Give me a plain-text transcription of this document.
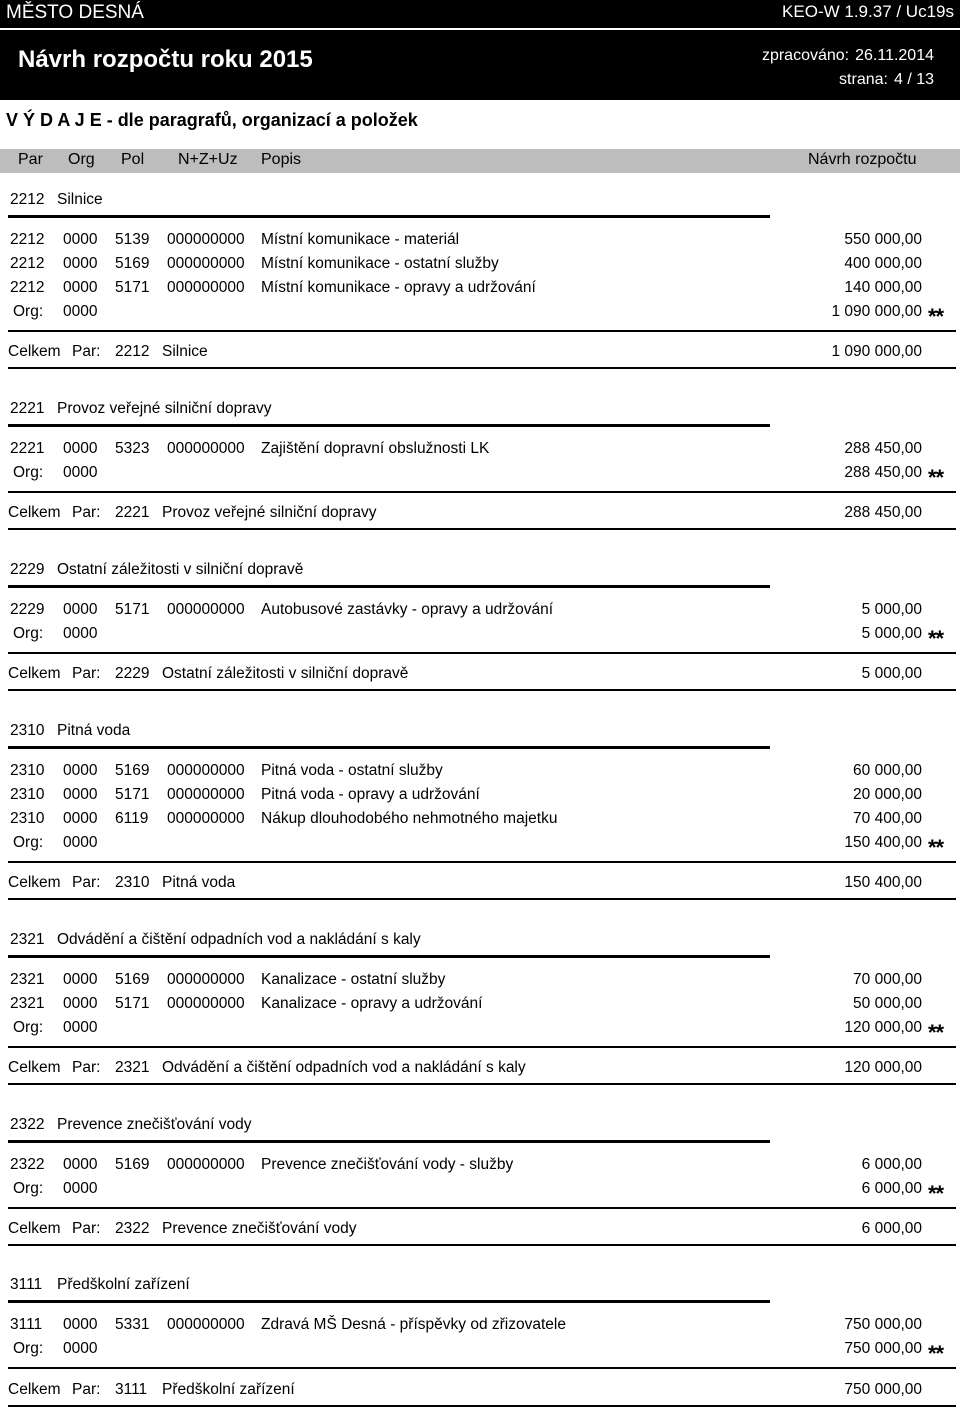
MĚSTO DESNÁ	KEO-W 1.9.37 / Uc19s
Návrh rozpočtu roku 2015	zpracováno: 26.11.2014
strana: 4 / 13
V Ý D A J E - dle paragrafů, organizací a položek
Par Org Pol N+Z+Uz Popis	Návrh rozpočtu
2212 Silnice
2212 0000 5139 000000000 Místní komunikace - materiál	550 000,00
2212 0000 5169 000000000 Místní komunikace - ostatní služby	400 000,00
2212 0000 5171 000000000 Místní komunikace - opravy a udržování	140 000,00
Org: 0000	1 090 000,00 **
Celkem Par: 2212 Silnice	1 090 000,00
2221 Provoz veřejné silniční dopravy
2221 0000 5323 000000000 Zajištění dopravní obslužnosti LK	288 450,00
Org: 0000	288 450,00 **
Celkem Par: 2221 Provoz veřejné silniční dopravy	288 450,00
2229 Ostatní záležitosti v silniční dopravě
2229 0000 5171 000000000 Autobusové zastávky - opravy a udržování	5 000,00
Org: 0000	5 000,00 **
Celkem Par: 2229 Ostatní záležitosti v silniční dopravě	5 000,00
2310 Pitná voda
2310 0000 5169 000000000 Pitná voda - ostatní služby	60 000,00
2310 0000 5171 000000000 Pitná voda - opravy a udržování	20 000,00
2310 0000 6119 000000000 Nákup dlouhodobého nehmotného majetku	70 400,00
Org: 0000	150 400,00 **
Celkem Par: 2310 Pitná voda	150 400,00
2321 Odvádění a čištění odpadních vod a nakládání s kaly
2321 0000 5169 000000000 Kanalizace - ostatní služby	70 000,00
2321 0000 5171 000000000 Kanalizace - opravy a udržování	50 000,00
Org: 0000	120 000,00 **
Celkem Par: 2321 Odvádění a čištění odpadních vod a nakládání s kaly	120 000,00
2322 Prevence znečišťování vody
2322 0000 5169 000000000 Prevence znečišťování vody - služby	6 000,00
Org: 0000	6 000,00 **
Celkem Par: 2322 Prevence znečišťování vody	6 000,00
3111 Předškolní zařízení
3111 0000 5331 000000000 Zdravá MŠ Desná - příspěvky od zřizovatele	750 000,00
Org: 0000	750 000,00 **
Celkem Par: 3111 Předškolní zařízení	750 000,00
